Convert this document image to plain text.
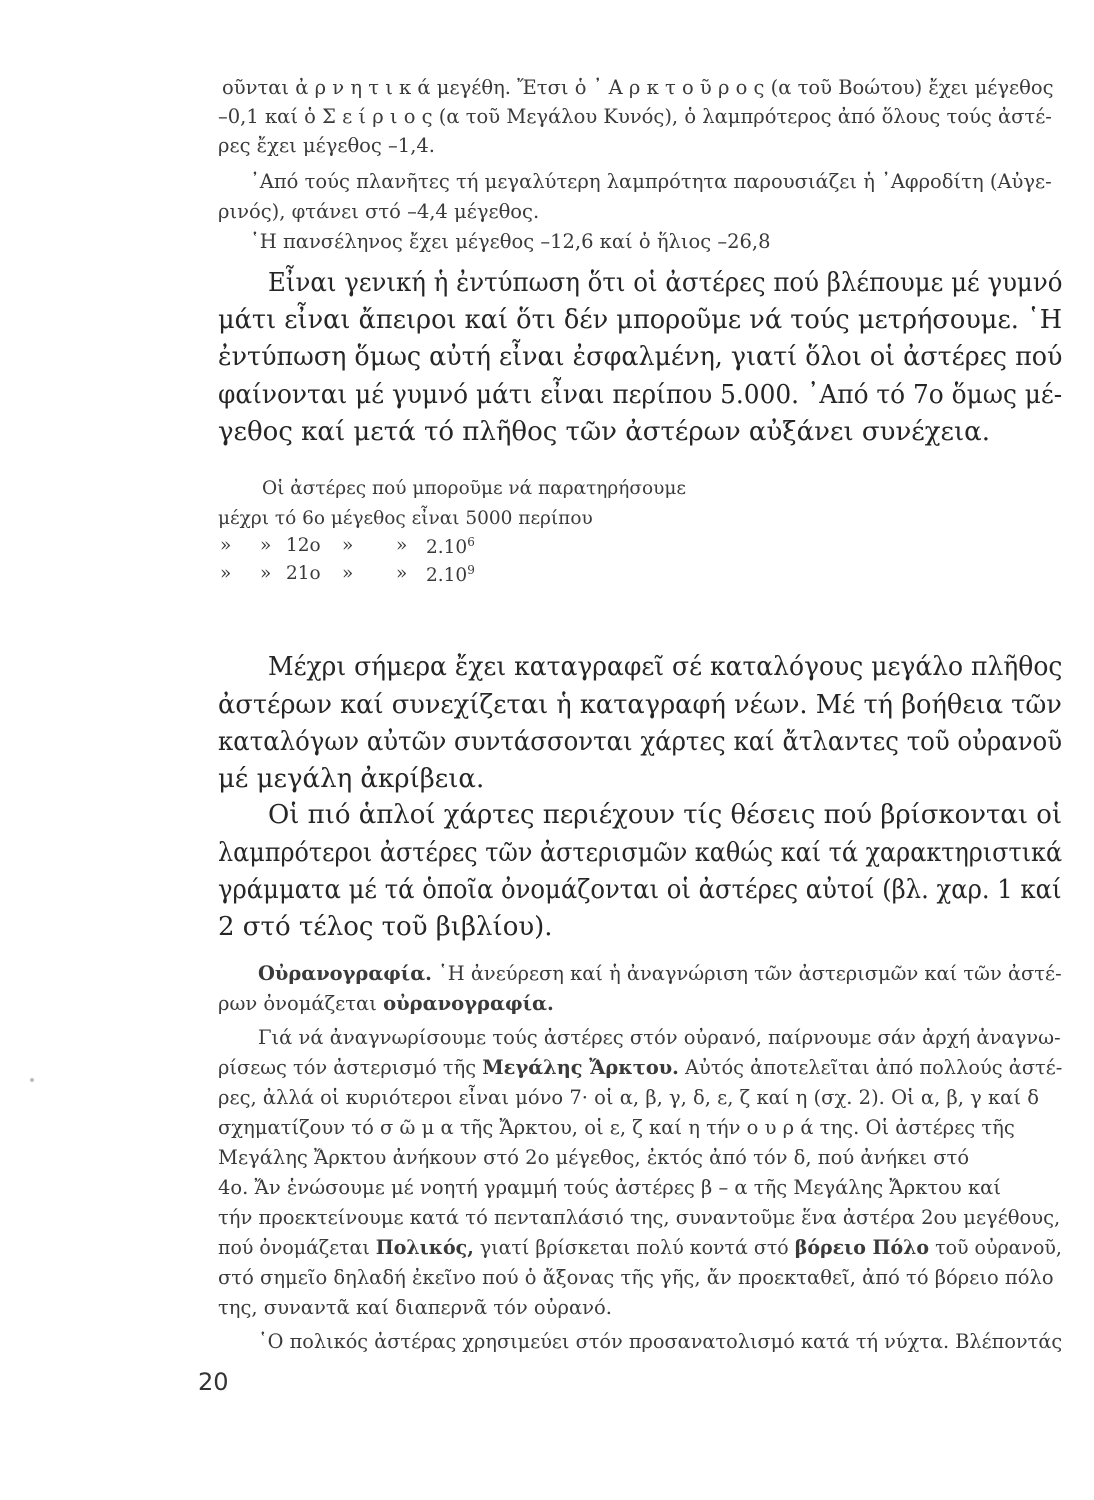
οῦνται ἀ ρ ν η τ ι κ ά μεγέθη. Ἔτσι ὁ ᾽ Α ρ κ τ ο ῦ ρ ο ς (α τοῦ Βοώτου) ἔχει μέγεθος

–0,1 καί ὁ Σ ε ί ρ ι ο ς (α τοῦ Μεγάλου Κυνός), ὁ λαμπρότερος ἀπό ὅλους τούς ἀστέ-

ρες ἔχει μέγεθος –1,4.

᾽Από τούς πλανῆτες τή μεγαλύτερη λαμπρότητα παρουσιάζει ἡ ᾽Αφροδίτη (Αὐγε-

ρινός), φτάνει στό –4,4 μέγεθος.

῾Η πανσέληνος ἔχει μέγεθος –12,6 καί ὁ ἥλιος –26,8

Εἶναι γενική ἡ ἐντύπωση ὅτι οἱ ἀστέρες πού βλέπουμε μέ γυμνό

μάτι εἶναι ἄπειροι καί ὅτι δέν μποροῦμε νά τούς μετρήσουμε. ῾Η

ἐντύπωση ὅμως αὐτή εἶναι ἐσφαλμένη, γιατί ὅλοι οἱ ἀστέρες πού

φαίνονται μέ γυμνό μάτι εἶναι περίπου 5.000. ᾽Από τό 7ο ὅμως μέ-

γεθος καί μετά τό πλῆθος τῶν ἀστέρων αὐξάνει συνέχεια.

Οἱ ἀστέρες πού μποροῦμε νά παρατηρήσουμε

μέχρι τό 6ο μέγεθος εἶναι 5000 περίπου

» » 12ο » » 2.10$^6$
» » 21ο » » 2.10$^9$

Μέχρι σήμερα ἔχει καταγραφεῖ σέ καταλόγους μεγάλο πλῆθος

ἀστέρων καί συνεχίζεται ἡ καταγραφή νέων. Μέ τή βοήθεια τῶν

καταλόγων αὐτῶν συντάσσονται χάρτες καί ἄτλαντες τοῦ οὐρανοῦ

μέ μεγάλη ἀκρίβεια.

Οἱ πιό ἁπλοί χάρτες περιέχουν τίς θέσεις πού βρίσκονται οἱ

λαμπρότεροι ἀστέρες τῶν ἀστερισμῶν καθώς καί τά χαρακτηριστικά

γράμματα μέ τά ὁποῖα ὀνομάζονται οἱ ἀστέρες αὐτοί (βλ. χαρ. 1 καί

2 στό τέλος τοῦ βιβλίου).

Οὐρανογραφία. ῾Η ἀνεύρεση καί ἡ ἀναγνώριση τῶν ἀστερισμῶν καί τῶν ἀστέ-

ρων ὀνομάζεται οὐρανογραφία.

Γιά νά ἀναγνωρίσουμε τούς ἀστέρες στόν οὐρανό, παίρνουμε σάν ἀρχή ἀναγνω-

ρίσεως τόν ἀστερισμό τῆς Μεγάλης Ἄρκτου. Αὐτός ἀποτελεῖται ἀπό πολλούς ἀστέ-

ρες, ἀλλά οἱ κυριότεροι εἶναι μόνο 7· οἱ α, β, γ, δ, ε, ζ καί η (σχ. 2). Οἱ α, β, γ καί δ

σχηματίζουν τό σ ῶ μ α τῆς Ἄρκτου, οἱ ε, ζ καί η τήν ο υ ρ ά της. Οἱ ἀστέρες τῆς

Μεγάλης Ἄρκτου ἀνήκουν στό 2ο μέγεθος, ἐκτός ἀπό τόν δ, πού ἀνήκει στό

4ο. Ἄν ἑνώσουμε μέ νοητή γραμμή τούς ἀστέρες β – α τῆς Μεγάλης Ἄρκτου καί

τήν προεκτείνουμε κατά τό πενταπλάσιό της, συναντοῦμε ἕνα ἀστέρα 2ου μεγέθους,

πού ὀνομάζεται Πολικός, γιατί βρίσκεται πολύ κοντά στό βόρειο Πόλο τοῦ οὐρανοῦ,

στό σημεῖο δηλαδή ἐκεῖνο πού ὁ ἄξονας τῆς γῆς, ἄν προεκταθεῖ, ἀπό τό βόρειο πόλο

της, συναντᾶ καί διαπερνᾶ τόν οὐρανό.

῾Ο πολικός ἀστέρας χρησιμεύει στόν προσανατολισμό κατά τή νύχτα. Βλέποντάς

20
